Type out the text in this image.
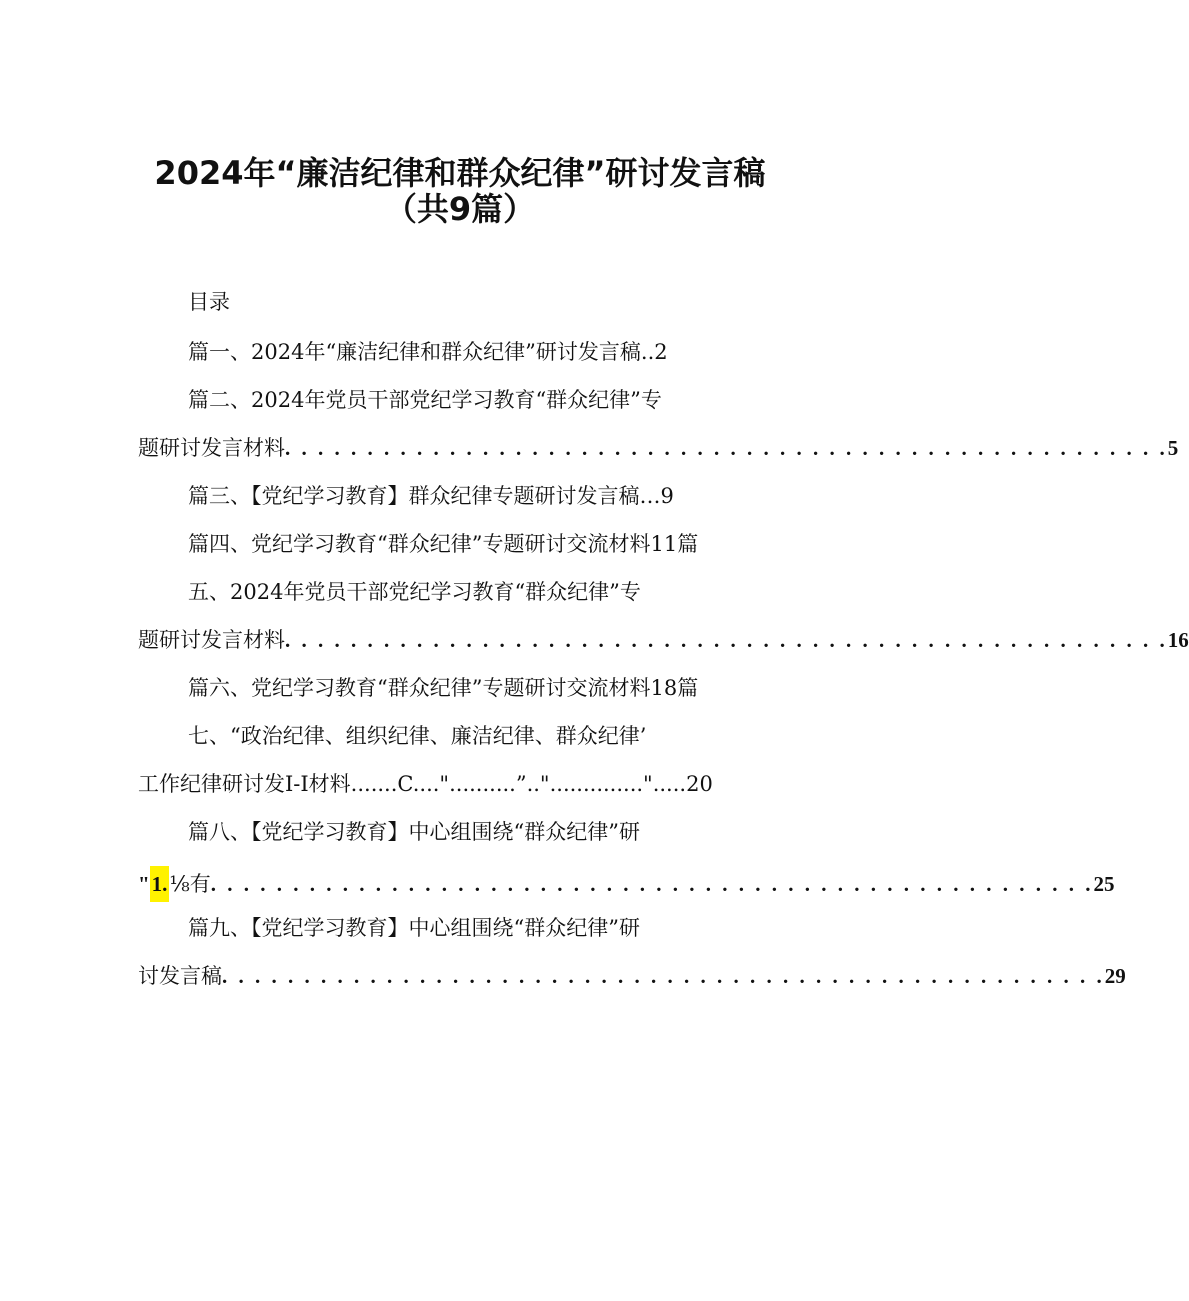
2024年“廉洁纪律和群众纪律”研讨发言稿
（共9篇）
目录
篇一、2024年“廉洁纪律和群众纪律”研讨发言稿..2
篇二、2024年党员干部党纪学习教育“群众纪律”专
题研讨发言材料 . . . . . . . . . . . . . . . . . . . . . . . . . . . . . . . . . . . . . . . . . . . . . . . . . . . . . . 5
篇三、【党纪学习教育】群众纪律专题研讨发言稿…9
篇四、党纪学习教育“群众纪律”专题研讨交流材料11篇
五、2024年党员干部党纪学习教育“群众纪律”专
题研讨发言材料 . . . . . . . . . . . . . . . . . . . . . . . . . . . . . . . . . . . . . . . . . . . . . . . . . . . . . . 16
篇六、党纪学习教育“群众纪律”专题研讨交流材料18篇
七、“政治纪律、组织纪律、廉洁纪律、群众纪律’
工作纪律研讨发I-I材料.......C...."..........”.."..............".....20
篇八、【党纪学习教育】中心组围绕“群众纪律”研
" 1. ⅛有 . . . . . . . . . . . . . . . . . . . . . . . . . . . . . . . . . . . . . . . . . . . . . . . . . . . . . . 25
篇九、【党纪学习教育】中心组围绕“群众纪律”研
讨发言稿 . . . . . . . . . . . . . . . . . . . . . . . . . . . . . . . . . . . . . . . . . . . . . . . . . . . . . . 29
